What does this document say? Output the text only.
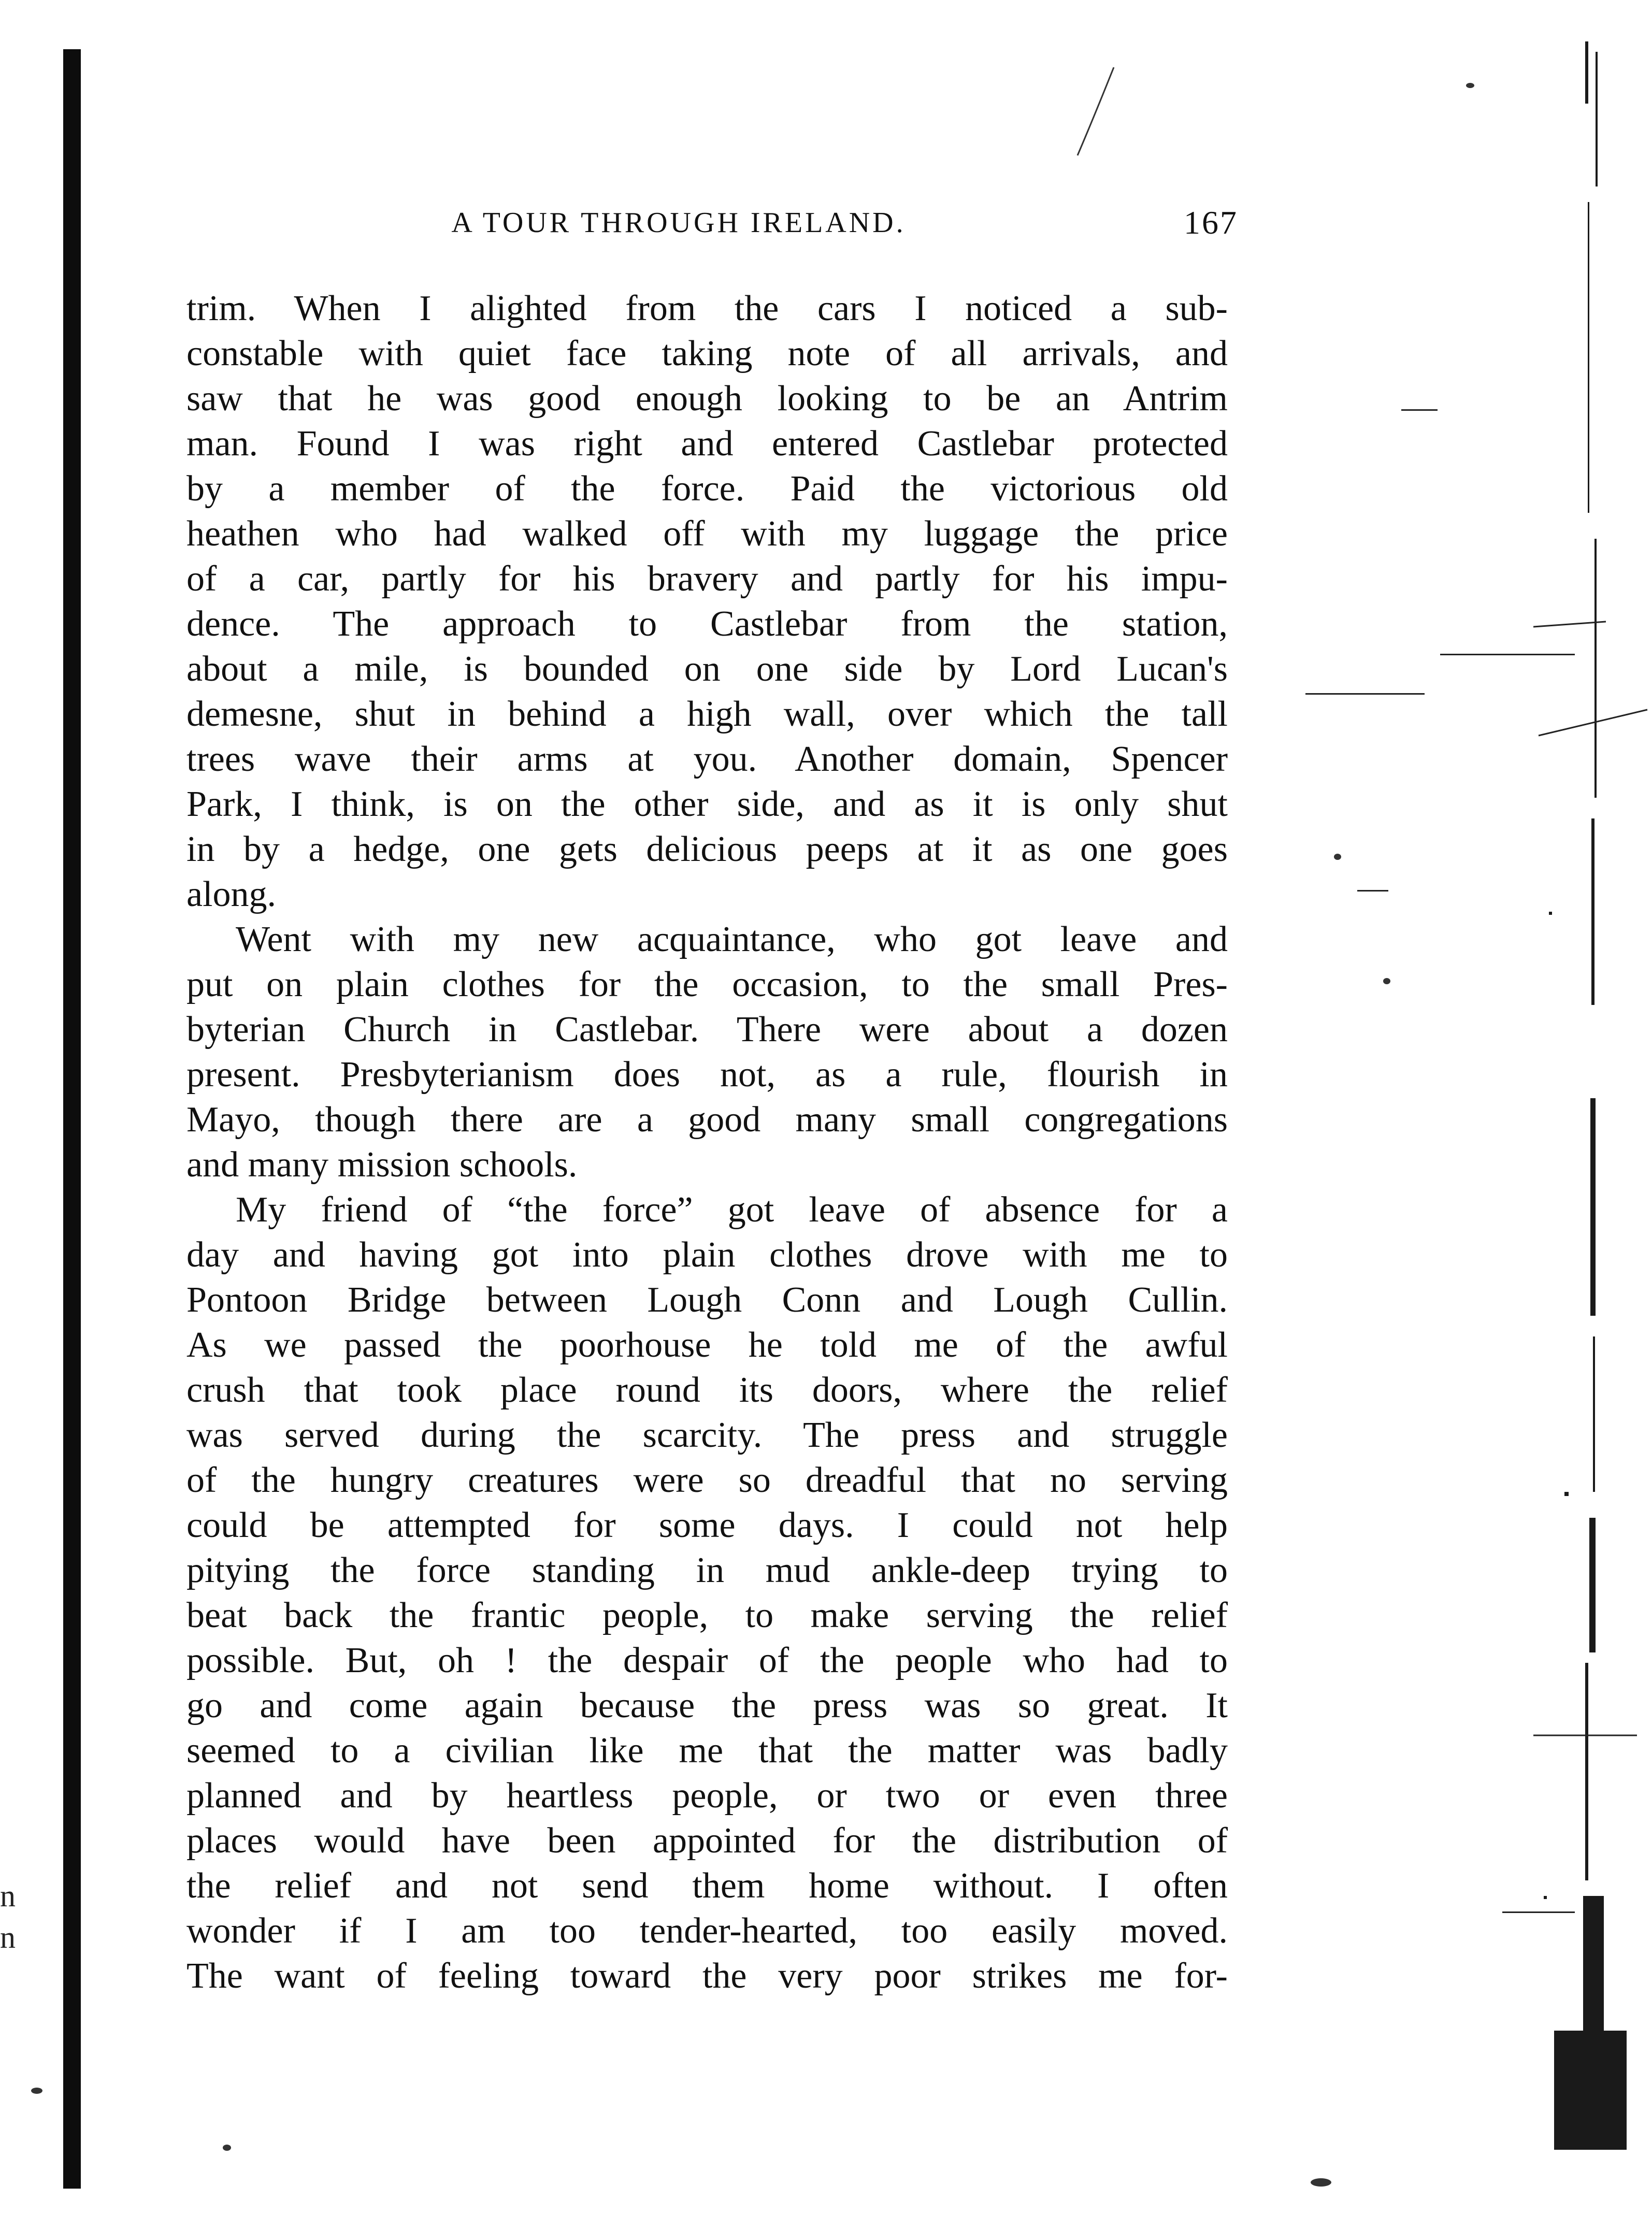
n
n
A TOUR THROUGH IRELAND.	167
trim. When I alighted from the cars I noticed a sub-
constable with quiet face taking note of all arrivals, and
saw that he was good enough looking to be an Antrim
man. Found I was right and entered Castlebar protected
by a member of the force. Paid the victorious old
heathen who had walked off with my luggage the price
of a car, partly for his bravery and partly for his impu-
dence. The approach to Castlebar from the station,
about a mile, is bounded on one side by Lord Lucan's
demesne, shut in behind a high wall, over which the tall
trees wave their arms at you. Another domain, Spencer
Park, I think, is on the other side, and as it is only shut
in by a hedge, one gets delicious peeps at it as one goes
along.
Went with my new acquaintance, who got leave and
put on plain clothes for the occasion, to the small Pres-
byterian Church in Castlebar. There were about a dozen
present. Presbyterianism does not, as a rule, flourish in
Mayo, though there are a good many small congregations
and many mission schools.
My friend of “the force” got leave of absence for a
day and having got into plain clothes drove with me to
Pontoon Bridge between Lough Conn and Lough Cullin.
As we passed the poorhouse he told me of the awful
crush that took place round its doors, where the relief
was served during the scarcity. The press and struggle
of the hungry creatures were so dreadful that no serving
could be attempted for some days. I could not help
pitying the force standing in mud ankle-deep trying to
beat back the frantic people, to make serving the relief
possible. But, oh ! the despair of the people who had to
go and come again because the press was so great. It
seemed to a civilian like me that the matter was badly
planned and by heartless people, or two or even three
places would have been appointed for the distribution of
the relief and not send them home without. I often
wonder if I am too tender-hearted, too easily moved.
The want of feeling toward the very poor strikes me for-
